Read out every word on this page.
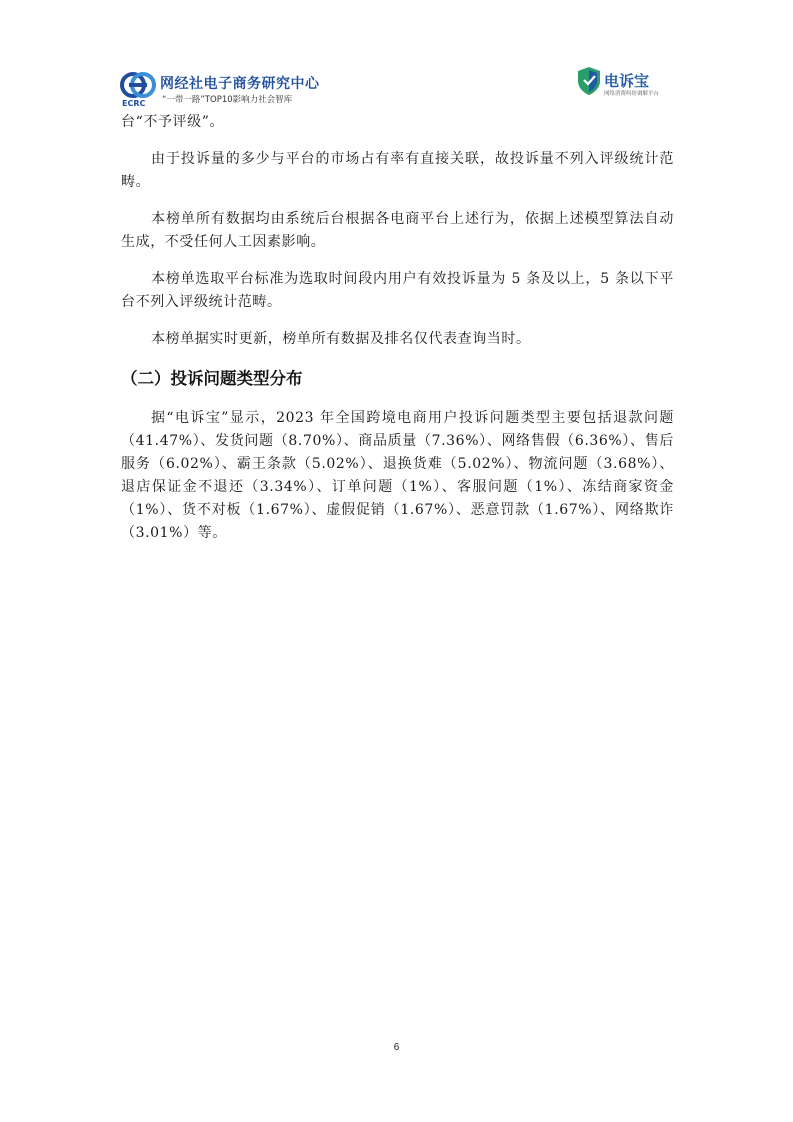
ECRC
网经社电子商务研究中心
“一带一路”TOP10影响力社会智库
电诉宝
网络消费纠纷调解平台

台“不予评级”。

由于投诉量的多少与平台的市场占有率有直接关联，故投诉量不列入评级统计范畴。

本榜单所有数据均由系统后台根据各电商平台上述行为，依据上述模型算法自动生成，不受任何人工因素影响。

本榜单选取平台标准为选取时间段内用户有效投诉量为 5 条及以上，5 条以下平台不列入评级统计范畴。

本榜单据实时更新，榜单所有数据及排名仅代表查询当时。

（二）投诉问题类型分布

据“电诉宝”显示，2023 年全国跨境电商用户投诉问题类型主要包括退款问题（41.47%）、发货问题（8.70%）、商品质量（7.36%）、网络售假（6.36%）、售后服务（6.02%）、霸王条款（5.02%）、退换货难（5.02%）、物流问题（3.68%）、退店保证金不退还（3.34%）、订单问题（1%）、客服问题（1%）、冻结商家资金（1%）、货不对板（1.67%）、虚假促销（1.67%）、恶意罚款（1.67%）、网络欺诈（3.01%）等。

6
